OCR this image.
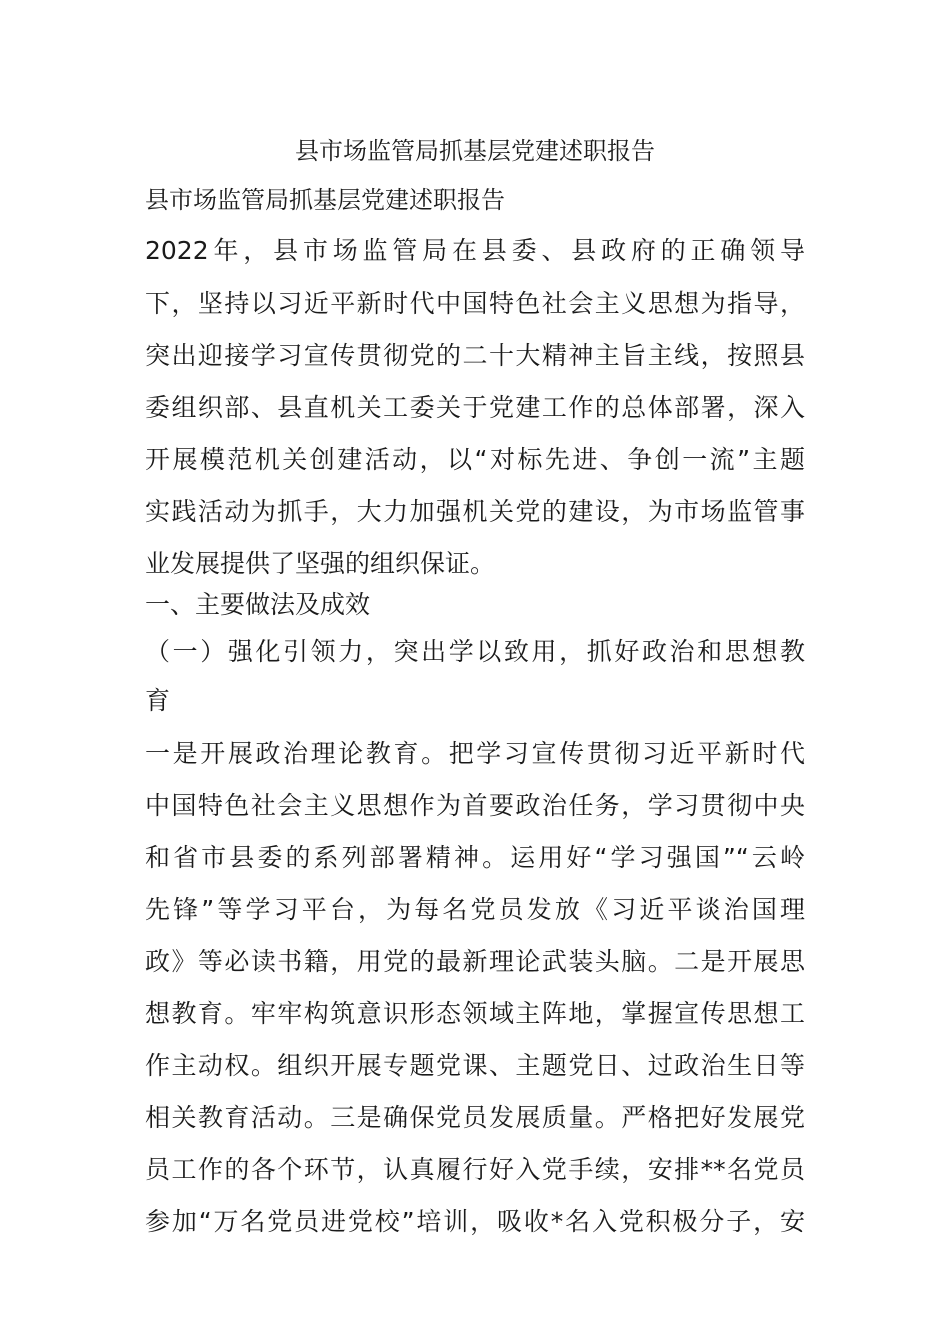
县市场监管局抓基层党建述职报告
县市场监管局抓基层党建述职报告
2022年，县市场监管局在县委、县政府的正确领导
下，坚持以习近平新时代中国特色社会主义思想为指导，
突出迎接学习宣传贯彻党的二十大精神主旨主线，按照县
委组织部、县直机关工委关于党建工作的总体部署，深入
开展模范机关创建活动，以“对标先进、争创一流”主题
实践活动为抓手，大力加强机关党的建设，为市场监管事
业发展提供了坚强的组织保证。
一、主要做法及成效
（一）强化引领力，突出学以致用，抓好政治和思想教
育
一是开展政治理论教育。把学习宣传贯彻习近平新时代
中国特色社会主义思想作为首要政治任务，学习贯彻中央
和省市县委的系列部署精神。运用好“学习强国”“云岭
先锋”等学习平台，为每名党员发放《习近平谈治国理
政》等必读书籍，用党的最新理论武装头脑。二是开展思
想教育。牢牢构筑意识形态领域主阵地，掌握宣传思想工
作主动权。组织开展专题党课、主题党日、过政治生日等
相关教育活动。三是确保党员发展质量。严格把好发展党
员工作的各个环节，认真履行好入党手续，安排**名党员
参加“万名党员进党校”培训，吸收*名入党积极分子，安
